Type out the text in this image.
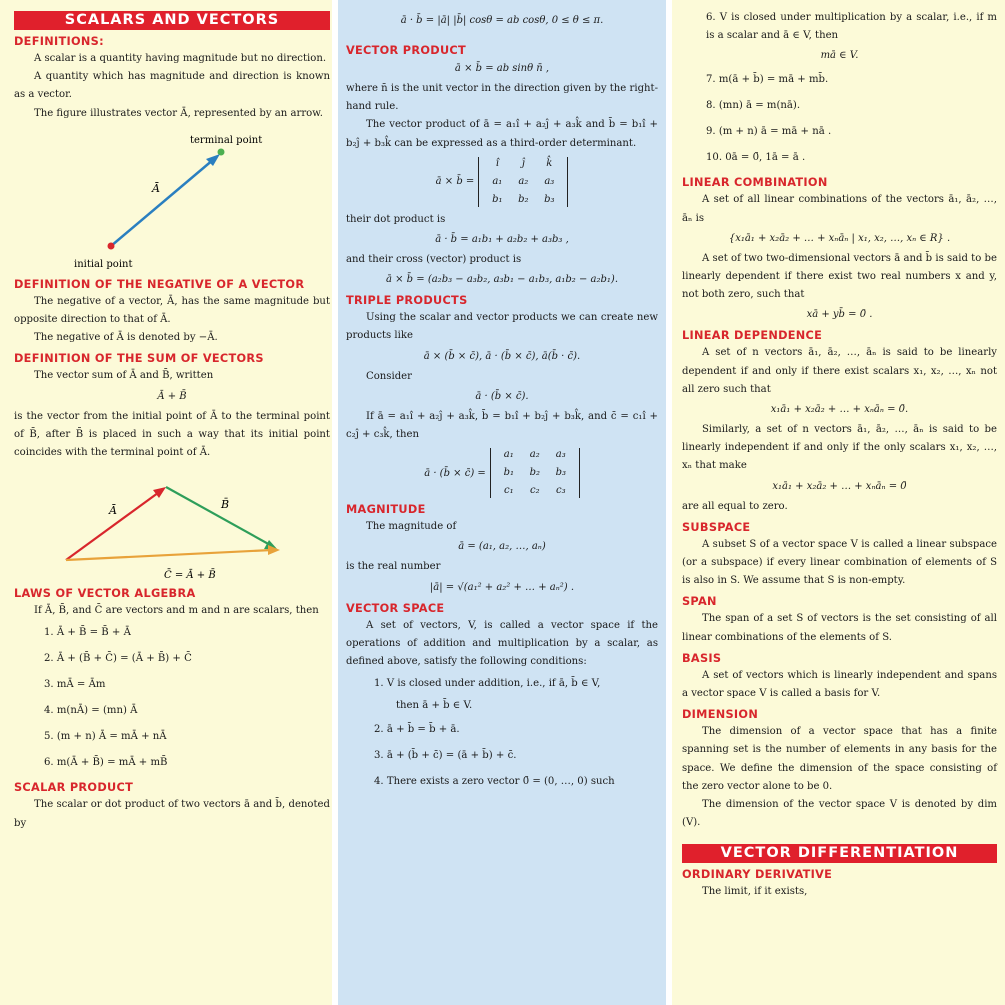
SCALARS AND VECTORS
DEFINITIONS:

A scalar is a quantity having magnitude but no direction.

A quantity which has magnitude and direction is known as a vector.

The figure illustrates vector Ā, represented by an arrow.

terminal point
Ā
initial point
DEFINITION OF THE NEGATIVE OF A VECTOR

The negative of a vector, Ā, has the same magnitude but opposite direction to that of Ā.

The negative of Ā is denoted by −Ā.

DEFINITION OF THE SUM OF VECTORS

The vector sum of Ā and B̄, written

Ā + B̄

is the vector from the initial point of Ā to the terminal point of B̄, after B̄ is placed in such a way that its initial point coincides with the terminal point of Ā.

Ā	B̄
C̄ = Ā + B̄
LAWS OF VECTOR ALGEBRA

If Ā, B̄, and C̄ are vectors and m and n are scalars, then

1. Ā + B̄ = B̄ + Ā
2. Ā + (B̄ + C̄) = (Ā + B̄) + C̄
3. mĀ = Ām
4. m(nĀ) = (mn) Ā
5. (m + n) Ā = mĀ + nĀ
6. m(Ā + B̄) = mĀ + mB̄
SCALAR PRODUCT

The scalar or dot product of two vectors ā and b̄, denoted by

ā · b̄ = |ā| |b̄| cosθ = ab cosθ, 0 ≤ θ ≤ π.
VECTOR PRODUCT
ā × b̄ = ab sinθ n̄ ,

where n̄ is the unit vector in the direction given by the right-hand rule.

The vector product of ā = a₁î + a₂ĵ + a₃k̂ and b̄ = b₁î + b₂ĵ + b₃k̂ can be expressed as a third-order determinant.

ā × b̄ =
î	ĵ	k̂
a₁	a₂	a₃
b₁	b₂	b₃

their dot product is

ā · b̄ = a₁b₁ + a₂b₂ + a₃b₃ ,

and their cross (vector) product is

ā × b̄ = (a₂b₃ − a₃b₂, a₃b₁ − a₁b₃, a₁b₂ − a₂b₁).
TRIPLE PRODUCTS

Using the scalar and vector products we can create new products like

ā × (b̄ × c̄), ā · (b̄ × c̄), ā(b̄ · c̄).

Consider

ā · (b̄ × c̄).

If ā = a₁î + a₂ĵ + a₃k̂, b̄ = b₁î + b₂ĵ + b₃k̂, and c̄ = c₁î + c₂ĵ + c₃k̂, then

ā · (b̄ × c̄) =
a₁	a₂	a₃
b₁	b₂	b₃
c₁	c₂	c₃
MAGNITUDE

The magnitude of

ā = (a₁, a₂, …, aₙ)

is the real number

|ā| = √(a₁² + a₂² + … + aₙ²) .
VECTOR SPACE

A set of vectors, V, is called a vector space if the operations of addition and multiplication by a scalar, as defined above, satisfy the following conditions:

1. V is closed under addition, i.e., if ā, b̄ ∈ V,
then ā + b̄ ∈ V.
2. ā + b̄ = b̄ + ā.
3. ā + (b̄ + c̄) = (ā + b̄) + c̄.
4. There exists a zero vector 0̄ = (0, …, 0) such

6. V is closed under multiplication by a scalar, i.e., if m is a scalar and ā ∈ V, then

mā ∈ V.
7. m(ā + b̄) = mā + mb̄.
8. (mn) ā = m(nā).
9. (m + n) ā = mā + nā .
10. 0ā = 0̄, 1ā = ā .
LINEAR COMBINATION

A set of all linear combinations of the vectors ā₁, ā₂, …, āₙ is

{x₁ā₁ + x₂ā₂ + … + xₙāₙ | x₁, x₂, …, xₙ ∈ R} .

A set of two two-dimensional vectors ā and b̄ is said to be linearly dependent if there exist two real numbers x and y, not both zero, such that

xā + yb̄ = 0̄ .
LINEAR DEPENDENCE

A set of n vectors ā₁, ā₂, …, āₙ is said to be linearly dependent if and only if there exist scalars x₁, x₂, …, xₙ not all zero such that

x₁ā₁ + x₂ā₂ + … + xₙāₙ = 0̄.

Similarly, a set of n vectors ā₁, ā₂, …, āₙ is said to be linearly independent if and only if the only scalars x₁, x₂, …, xₙ that make

x₁ā₁ + x₂ā₂ + … + xₙāₙ = 0̄

are all equal to zero.

SUBSPACE

A subset S of a vector space V is called a linear subspace (or a subspace) if every linear combination of elements of S is also in S. We assume that S is non-empty.

SPAN

The span of a set S of vectors is the set consisting of all linear combinations of the elements of S.

BASIS

A set of vectors which is linearly independent and spans a vector space V is called a basis for V.

DIMENSION

The dimension of a vector space that has a finite spanning set is the number of elements in any basis for the space. We define the dimension of the space consisting of the zero vector alone to be 0.

The dimension of the vector space V is denoted by dim (V).

VECTOR DIFFERENTIATION
ORDINARY DERIVATIVE

The limit, if it exists,
